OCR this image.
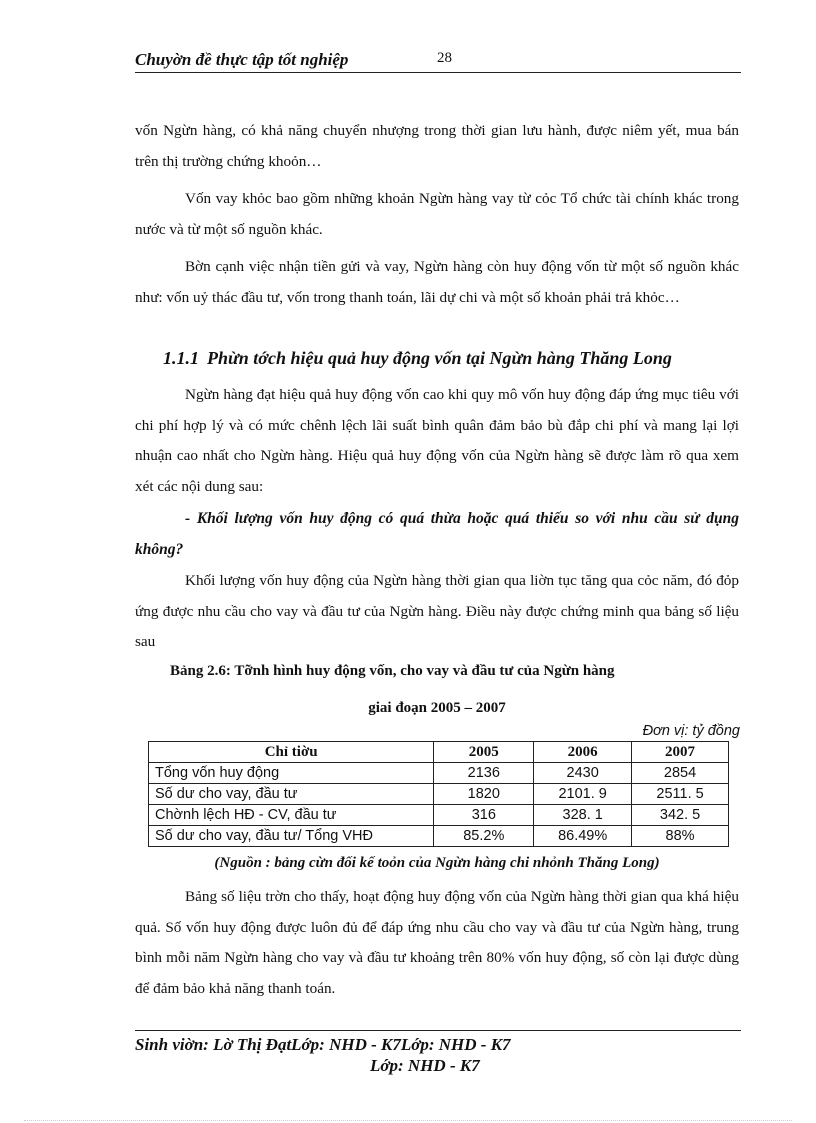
Chuyờn đề thực tập tốt nghiệp	28

vốn Ngừn hàng, có khả năng chuyển nhượng trong thời gian lưu hành, được niêm yết, mua bán trên thị trường chứng khoỏn…

Vốn vay khỏc bao gồm những khoản Ngừn hàng vay từ cỏc Tổ chức tài chính khác trong nước và từ một số nguồn khác.

Bờn cạnh việc nhận tiền gửi và vay, Ngừn hàng còn huy động vốn từ một số nguồn khác như: vốn uỷ thác đầu tư, vốn trong thanh toán, lãi dự chi và một số khoản phải trả khỏc…

1.1.1 Phừn tớch hiệu quả huy động vốn tại Ngừn hàng Thăng Long

Ngừn hàng đạt hiệu quả huy động vốn cao khi quy mô vốn huy động đáp ứng mục tiêu với chi phí hợp lý và có mức chênh lệch lãi suất bình quân đảm bảo bù đắp chi phí và mang lại lợi nhuận cao nhất cho Ngừn hàng. Hiệu quả huy động vốn của Ngừn hàng sẽ được làm rõ qua xem xét các nội dung sau:

- Khối lượng vốn huy động có quá thừa hoặc quá thiếu so với nhu cầu sử dụng không?

Khối lượng vốn huy động của Ngừn hàng thời gian qua liờn tục tăng qua cỏc năm, đó đỏp ứng được nhu cầu cho vay và đầu tư của Ngừn hàng. Điều này được chứng minh qua bảng số liệu sau

Bảng 2.6: Tỡnh hình huy động vốn, cho vay và đầu tư của Ngừn hàng

giai đoạn 2005 – 2007

Đơn vị: tỷ đồng
Chỉ tiờu	2005	2006	2007
Tổng vốn huy động	2136	2430	2854
Số dư cho vay, đầu tư	1820	2101. 9	2511. 5
Chờnh lệch HĐ - CV, đầu tư	316	328. 1	342. 5
Số dư cho vay, đầu tư/ Tổng VHĐ	85.2%	86.49%	88%

(Nguồn : bảng cừn đối kế toỏn của Ngừn hàng chi nhỏnh Thăng Long)

Bảng số liệu trờn cho thấy, hoạt động huy động vốn của Ngừn hàng thời gian qua khá hiệu quả. Số vốn huy động được luôn đủ để đáp ứng nhu cầu cho vay và đầu tư của Ngừn hàng, trung bình mỗi năm Ngừn hàng cho vay và đầu tư khoảng trên 80% vốn huy động, số còn lại được dùng để đảm bảo khả năng thanh toán.

Sinh viờn: Lờ Thị ĐạtLớp: NHD - K7Lớp: NHD - K7
Lớp: NHD - K7
